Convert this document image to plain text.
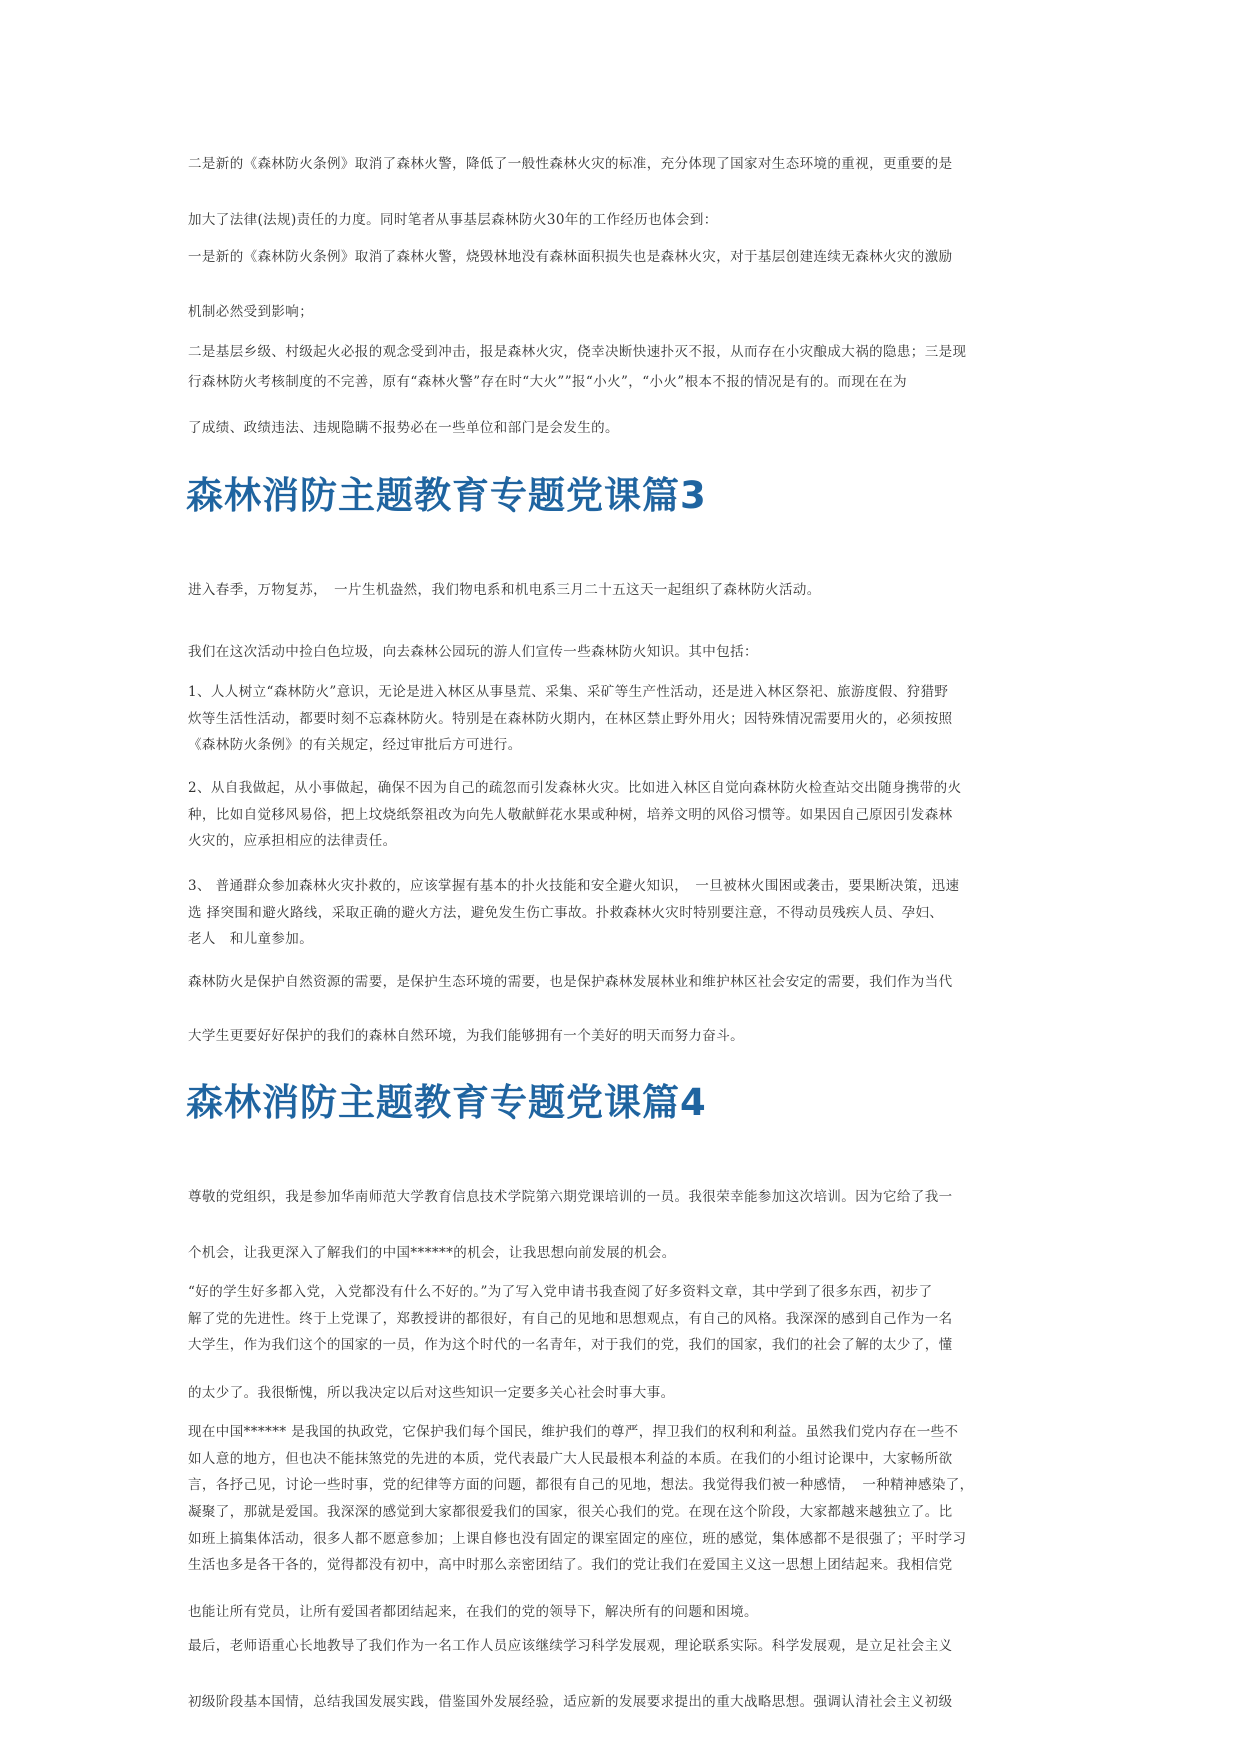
二是新的《森林防火条例》取消了森林火警，降低了一般性森林火灾的标准，充分体现了国家对生态环境的重视，更重要的是

加大了法律(法规)责任的力度。同时笔者从事基层森林防火30年的工作经历也体会到：

一是新的《森林防火条例》取消了森林火警，烧毁林地没有森林面积损失也是森林火灾，对于基层创建连续无森林火灾的激励

机制必然受到影响；

二是基层乡级、村级起火必报的观念受到冲击，报是森林火灾，侥幸决断快速扑灭不报，从而存在小灾酿成大祸的隐患；三是现

行森林防火考核制度的不完善，原有“森林火警”存在时“大火””报“小火”，“小火”根本不报的情况是有的。而现在在为

了成绩、政绩违法、违规隐瞒不报势必在一些单位和部门是会发生的。

森林消防主题教育专题党课篇3

进入春季，万物复苏，　一片生机盎然，我们物电系和机电系三月二十五这天一起组织了森林防火活动。

我们在这次活动中捡白色垃圾，向去森林公园玩的游人们宣传一些森林防火知识。其中包括：

1、人人树立“森林防火”意识，无论是进入林区从事垦荒、采集、采矿等生产性活动，还是进入林区祭祀、旅游度假、狩猎野

炊等生活性活动，都要时刻不忘森林防火。特别是在森林防火期内，在林区禁止野外用火；因特殊情况需要用火的，必须按照

《森林防火条例》的有关规定，经过审批后方可进行。

2、从自我做起，从小事做起，确保不因为自己的疏忽而引发森林火灾。比如进入林区自觉向森林防火检查站交出随身携带的火

种，比如自觉移风易俗，把上坟烧纸祭祖改为向先人敬献鲜花水果或种树，培养文明的风俗习惯等。如果因自己原因引发森林

火灾的，应承担相应的法律责任。

3、 普通群众参加森林火灾扑救的，应该掌握有基本的扑火技能和安全避火知识，　一旦被林火围困或袭击，要果断决策，迅速

选 择突围和避火路线，采取正确的避火方法，避免发生伤亡事故。扑救森林火灾时特别要注意，不得动员残疾人员、孕妇、

老人　和儿童参加。

森林防火是保护自然资源的需要，是保护生态环境的需要，也是保护森林发展林业和维护林区社会安定的需要，我们作为当代

大学生更要好好保护的我们的森林自然环境，为我们能够拥有一个美好的明天而努力奋斗。

森林消防主题教育专题党课篇4

尊敬的党组织，我是参加华南师范大学教育信息技术学院第六期党课培训的一员。我很荣幸能参加这次培训。因为它给了我一

个机会，让我更深入了解我们的中国******的机会，让我思想向前发展的机会。

“好的学生好多都入党，入党都没有什么不好的。”为了写入党申请书我查阅了好多资料文章，其中学到了很多东西，初步了

解了党的先进性。终于上党课了，郑教授讲的都很好，有自己的见地和思想观点，有自己的风格。我深深的感到自己作为一名

大学生，作为我们这个的国家的一员，作为这个时代的一名青年，对于我们的党，我们的国家，我们的社会了解的太少了，懂

的太少了。我很惭愧，所以我决定以后对这些知识一定要多关心社会时事大事。

现在中国****** 是我国的执政党，它保护我们每个国民，维护我们的尊严，捍卫我们的权利和利益。虽然我们党内存在一些不

如人意的地方，但也决不能抹煞党的先进的本质，党代表最广大人民最根本利益的本质。在我们的小组讨论课中，大家畅所欲

言，各抒己见，讨论一些时事，党的纪律等方面的问题，都很有自己的见地，想法。我觉得我们被一种感情，　一种精神感染了，

凝聚了，那就是爱国。我深深的感觉到大家都很爱我们的国家，很关心我们的党。在现在这个阶段，大家都越来越独立了。比

如班上搞集体活动，很多人都不愿意参加；上课自修也没有固定的课室固定的座位，班的感觉，集体感都不是很强了；平时学习

生活也多是各干各的，觉得都没有初中，高中时那么亲密团结了。我们的党让我们在爱国主义这一思想上团结起来。我相信党

也能让所有党员，让所有爱国者都团结起来，在我们的党的领导下，解决所有的问题和困境。

最后，老师语重心长地教导了我们作为一名工作人员应该继续学习科学发展观，理论联系实际。科学发展观，是立足社会主义

初级阶段基本国情，总结我国发展实践，借鉴国外发展经验，适应新的发展要求提出的重大战略思想。强调认清社会主义初级
